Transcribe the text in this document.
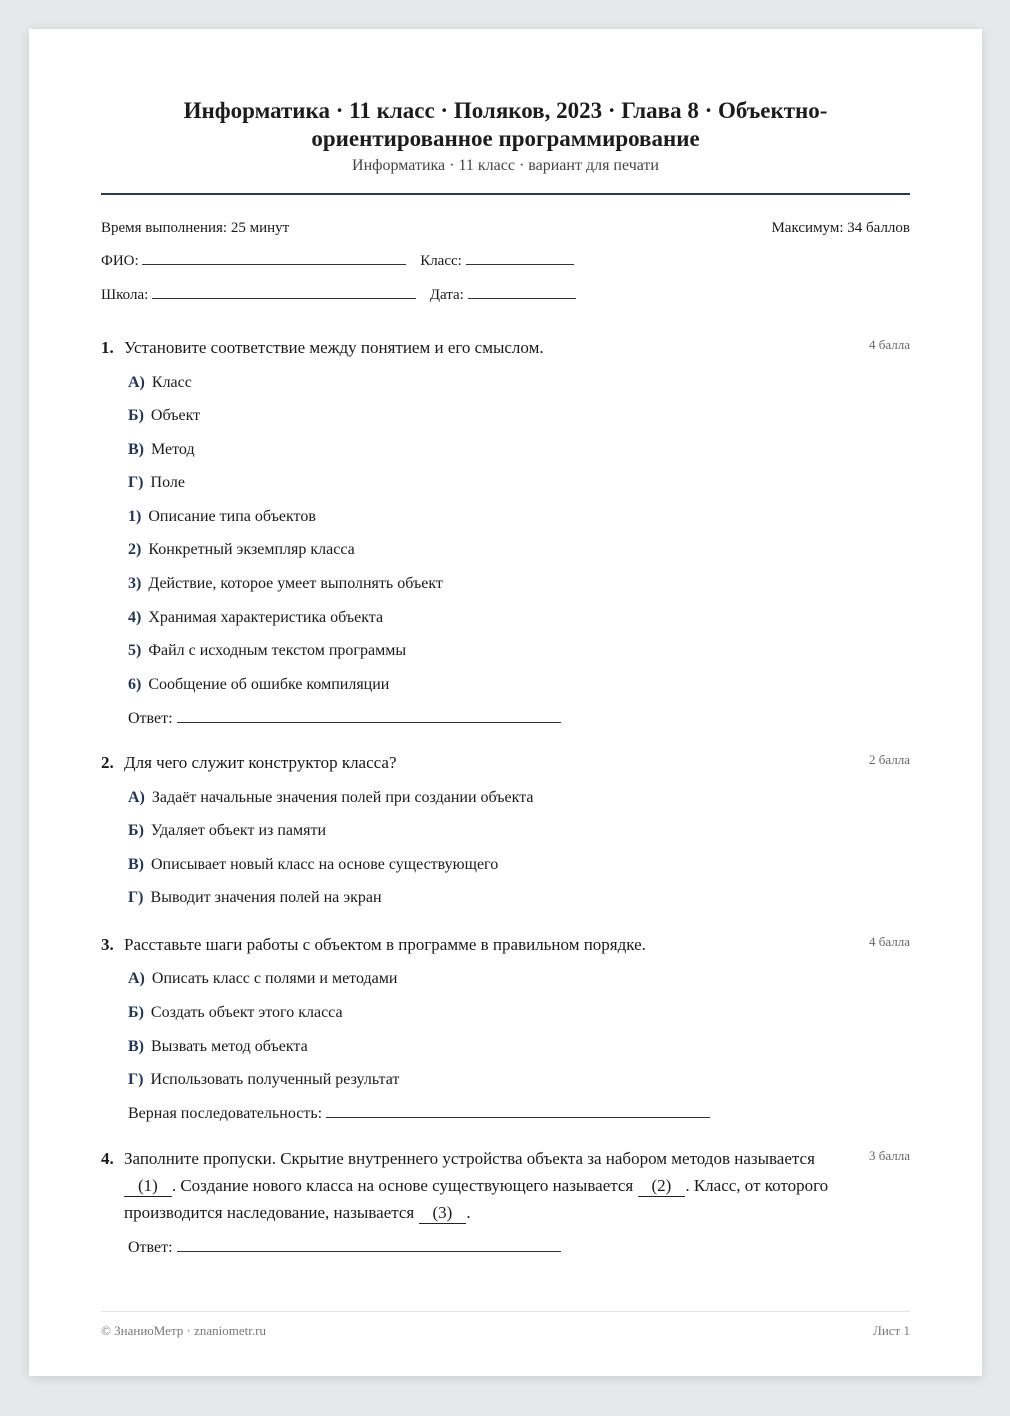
Информатика · 11 класс · Поляков, 2023 · Глава 8 · Объектно-ориентированное программирование
Информатика · 11 класс · вариант для печати
Время выполнения: 25 минут	Максимум: 34 баллов
ФИО:	Класс:
Школа:	Дата:
1. Установите соответствие между понятием и его смыслом.	4 балла
А) Класс
Б) Объект
В) Метод
Г) Поле
1) Описание типа объектов
2) Конкретный экземпляр класса
3) Действие, которое умеет выполнять объект
4) Хранимая характеристика объекта
5) Файл с исходным текстом программы
6) Сообщение об ошибке компиляции
Ответ:
2. Для чего служит конструктор класса?	2 балла
А) Задаёт начальные значения полей при создании объекта
Б) Удаляет объект из памяти
В) Описывает новый класс на основе существующего
Г) Выводит значения полей на экран
3. Расставьте шаги работы с объектом в программе в правильном порядке.	4 балла
А) Описать класс с полями и методами
Б) Создать объект этого класса
В) Вызвать метод объекта
Г) Использовать полученный результат
Верная последовательность:
4. Заполните пропуски. Скрытие внутреннего устройства объекта за набором методов называется (1) . Создание нового класса на основе существующего называется (2) . Класс, от которого производится наследование, называется (3) .
3 балла
Ответ:
© ЗнаниоМетр · znaniometr.ru	Лист 1
